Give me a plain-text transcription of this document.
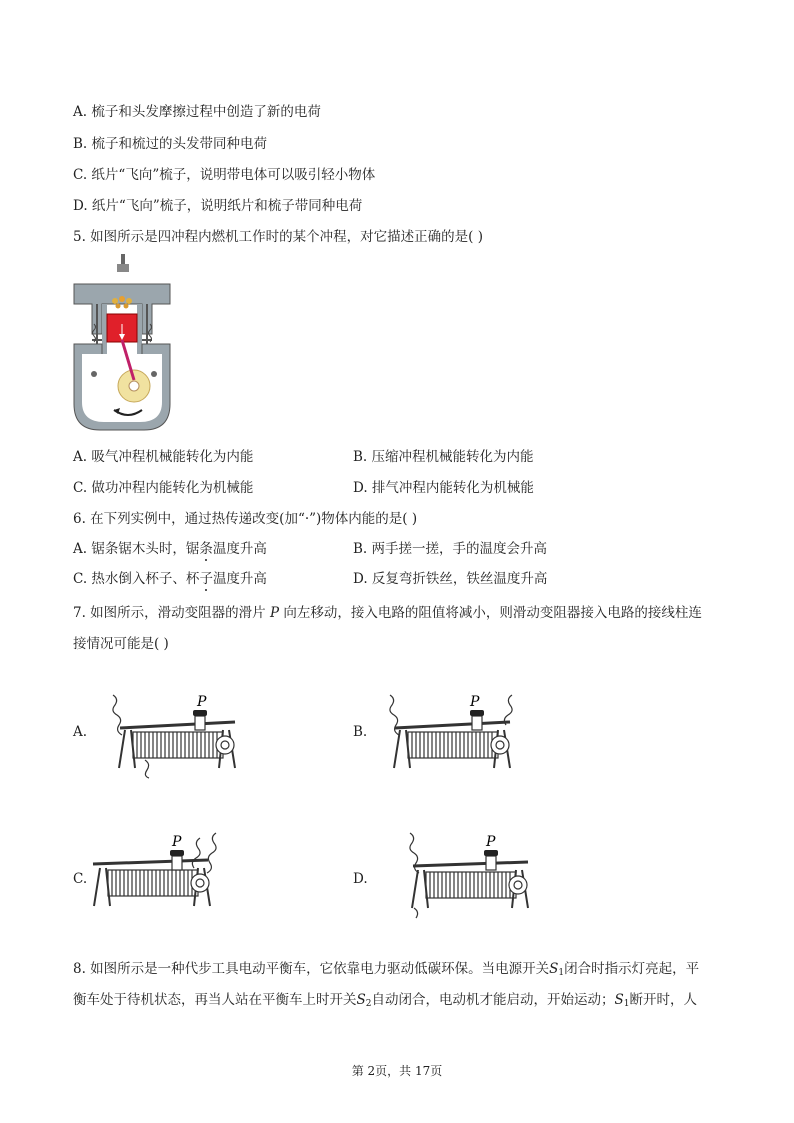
A. 梳子和头发摩擦过程中创造了新的电荷
B. 梳子和梳过的头发带同种电荷
C. 纸片“飞向”梳子，说明带电体可以吸引轻小物体
D. 纸片“飞向”梳子，说明纸片和梳子带同种电荷
5. 如图所示是四冲程内燃机工作时的某个冲程，对它描述正确的是( )
A. 吸气冲程机械能转化为内能	B. 压缩冲程机械能转化为内能
C. 做功冲程内能转化为机械能	D. 排气冲程内能转化为机械能
6. 在下列实例中，通过热传递改变(加“·”)物体内能的是( )
A. 锯条锯木头时，锯条温度升高	B. 两手搓一搓，手的温度会升高
C. 热水倒入杯子、杯子温度升高	D. 反复弯折铁丝，铁丝温度升高
7. 如图所示，滑动变阻器的滑片 P 向左移动，接入电路的阻值将减小，则滑动变阻器接入电路的接线柱连
接情况可能是( )
A.	B.
C.	D.
P	P
P	P
8. 如图所示是一种代步工具电动平衡车，它依靠电力驱动低碳环保。当电源开关$S_1$闭合时指示灯亮起，平
衡车处于待机状态，再当人站在平衡车上时开关$S_2$自动闭合，电动机才能启动，开始运动；$S_1$断开时，人
第 2页，共 17页
